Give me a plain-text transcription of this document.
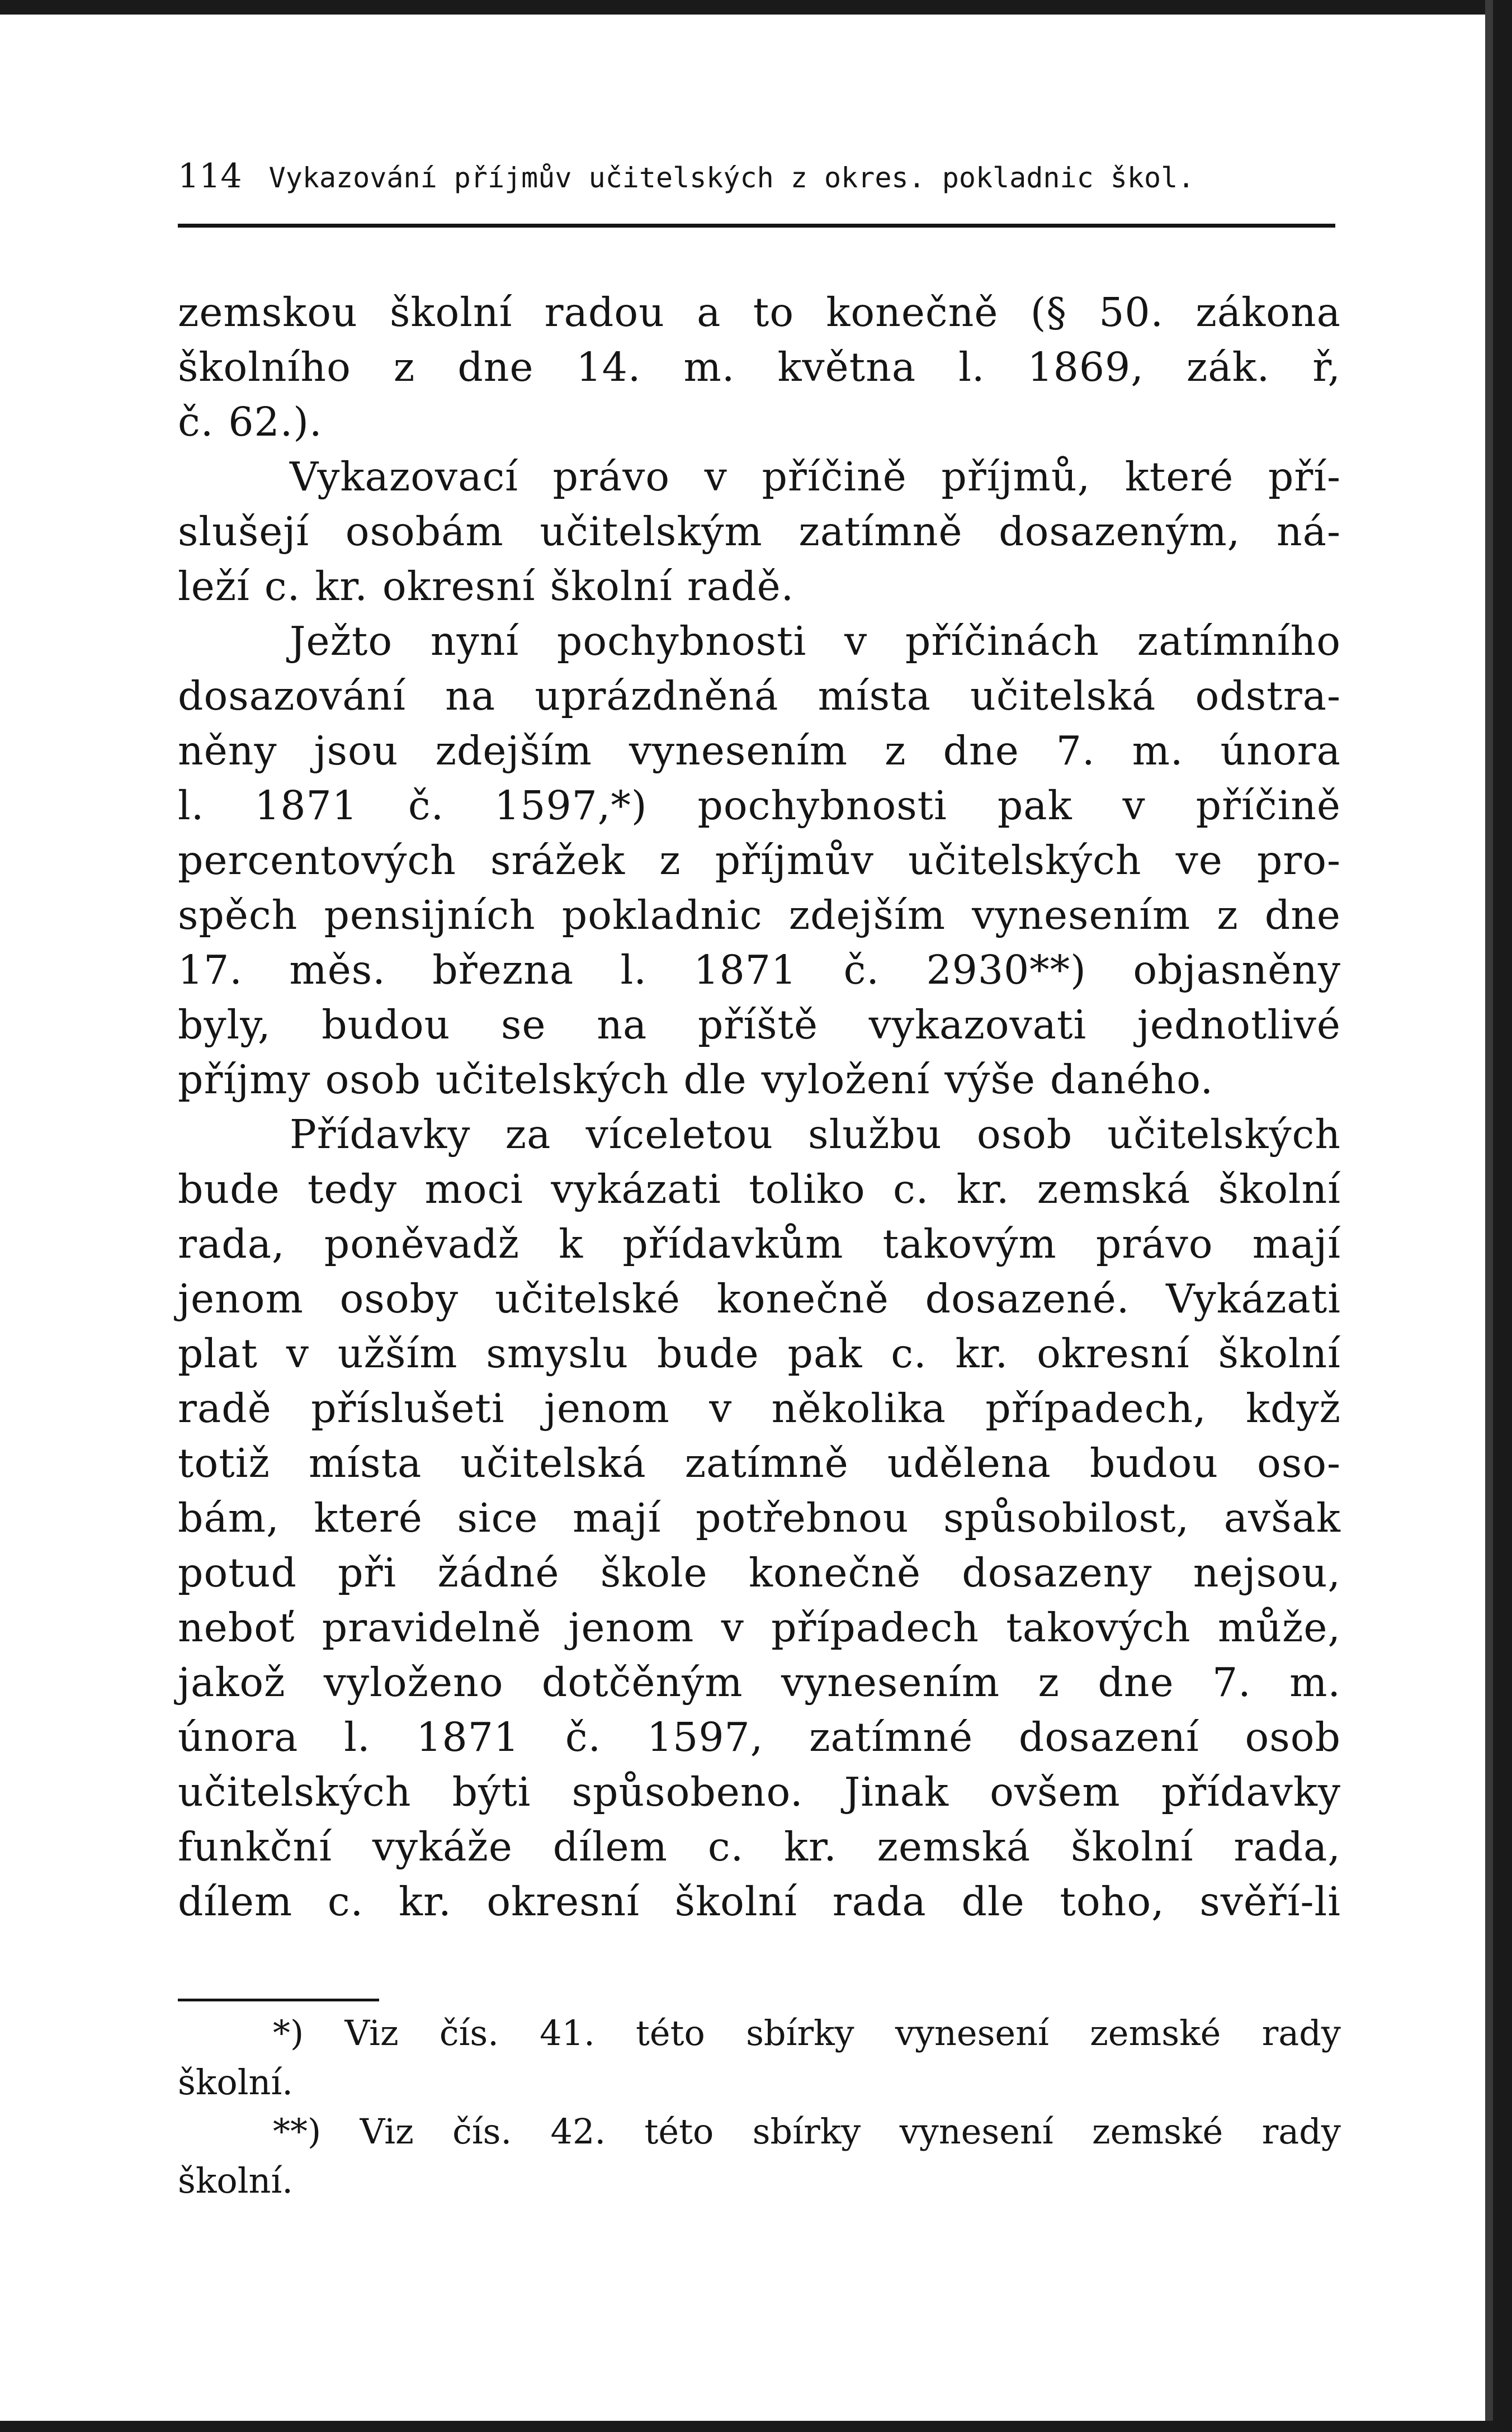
114 Vykazování příjmův učitelských z okres. pokladnic škol.
zemskou školní radou a to konečně (§ 50. zákona
školního z dne 14. m. května l. 1869, zák. ř,
č. 62.).
Vykazovací právo v příčině příjmů, které pří-
slušejí osobám učitelským zatímně dosazeným, ná-
leží c. kr. okresní školní radě.
Ježto nyní pochybnosti v příčinách zatímního
dosazování na uprázdněná místa učitelská odstra-
něny jsou zdejším vynesením z dne 7. m. února
l. 1871 č. 1597,*) pochybnosti pak v příčině
percentových srážek z příjmův učitelských ve pro-
spěch pensijních pokladnic zdejším vynesením z dne
17. měs. března l. 1871 č. 2930**) objasněny
byly, budou se na příště vykazovati jednotlivé
příjmy osob učitelských dle vyložení výše daného.
Přídavky za víceletou službu osob učitelských
bude tedy moci vykázati toliko c. kr. zemská školní
rada, poněvadž k přídavkům takovým právo mají
jenom osoby učitelské konečně dosazené. Vykázati
plat v užším smyslu bude pak c. kr. okresní školní
radě příslušeti jenom v několika případech, když
totiž místa učitelská zatímně udělena budou oso-
bám, které sice mají potřebnou spůsobilost, avšak
potud při žádné škole konečně dosazeny nejsou,
neboť pravidelně jenom v případech takových může,
jakož vyloženo dotčěným vynesením z dne 7. m.
února l. 1871 č. 1597, zatímné dosazení osob
učitelských býti spůsobeno. Jinak ovšem přídavky
funkční vykáže dílem c. kr. zemská školní rada,
dílem c. kr. okresní školní rada dle toho, svěří-li
*) Viz čís. 41. této sbírky vynesení zemské rady
školní.
**) Viz čís. 42. této sbírky vynesení zemské rady
školní.
